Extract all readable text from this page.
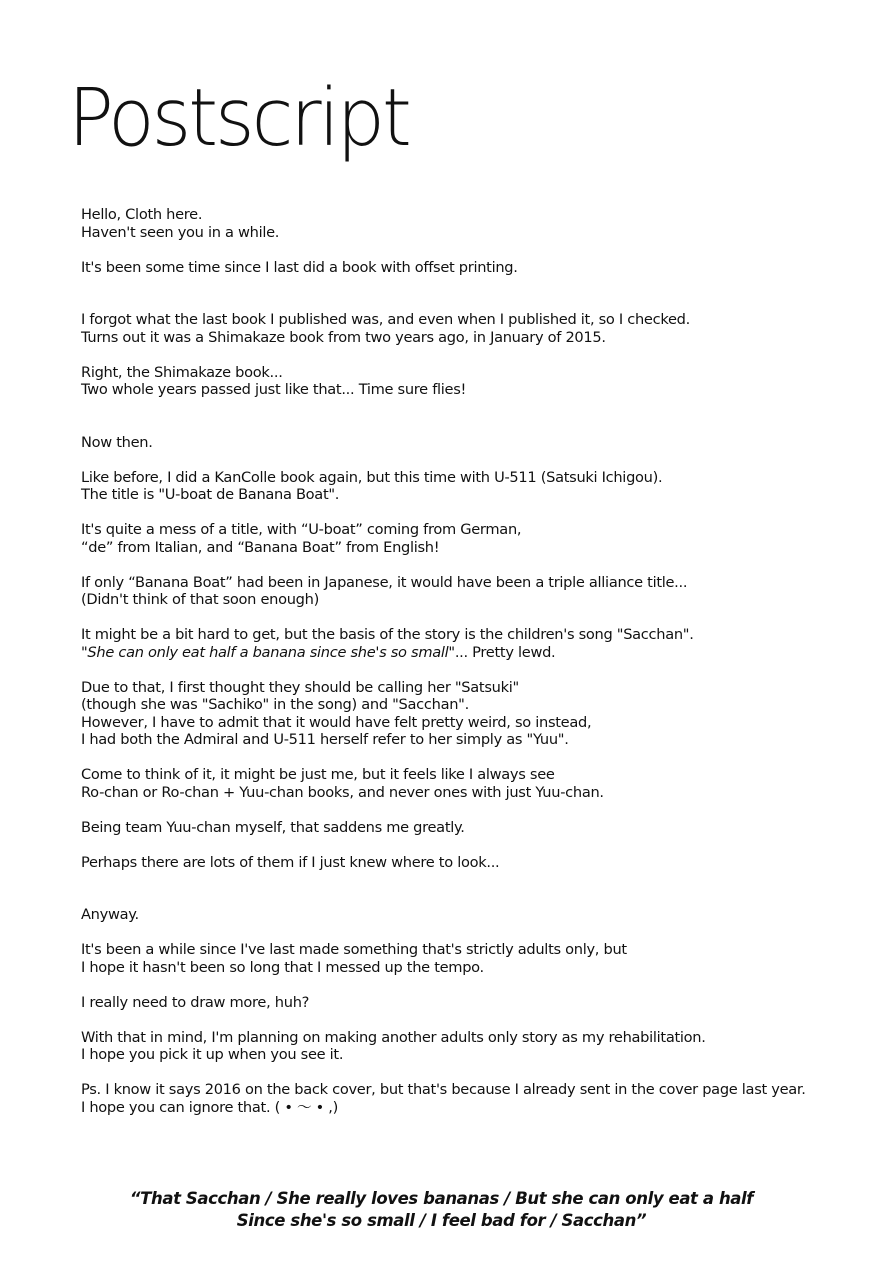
Postscript
Hello, Cloth here.
Haven't seen you in a while.
It's been some time since I last did a book with offset printing.
I forgot what the last book I published was, and even when I published it, so I checked.
Turns out it was a Shimakaze book from two years ago, in January of 2015.
Right, the Shimakaze book...
Two whole years passed just like that... Time sure flies!
Now then.
Like before, I did a KanColle book again, but this time with U-511 (Satsuki Ichigou).
The title is "U-boat de Banana Boat".
It's quite a mess of a title, with “U-boat” coming from German,
“de” from Italian, and “Banana Boat” from English!
If only “Banana Boat” had been in Japanese, it would have been a triple alliance title...
(Didn't think of that soon enough)
It might be a bit hard to get, but the basis of the story is the children's song "Sacchan".
"She can only eat half a banana since she's so small"... Pretty lewd.
Due to that, I first thought they should be calling her "Satsuki"
(though she was "Sachiko" in the song) and "Sacchan".
However, I have to admit that it would have felt pretty weird, so instead,
I had both the Admiral and U-511 herself refer to her simply as "Yuu".
Come to think of it, it might be just me, but it feels like I always see
Ro-chan or Ro-chan + Yuu-chan books, and never ones with just Yuu-chan.
Being team Yuu-chan myself, that saddens me greatly.
Perhaps there are lots of them if I just knew where to look...
Anyway.
It's been a while since I've last made something that's strictly adults only, but
I hope it hasn't been so long that I messed up the tempo.
I really need to draw more, huh?
With that in mind, I'm planning on making another adults only story as my rehabilitation.
I hope you pick it up when you see it.
Ps. I know it says 2016 on the back cover, but that's because I already sent in the cover page last year.
I hope you can ignore that. ( • 〜 • ,)
“That Sacchan / She really loves bananas / But she can only eat a half
Since she's so small / I feel bad for / Sacchan”
